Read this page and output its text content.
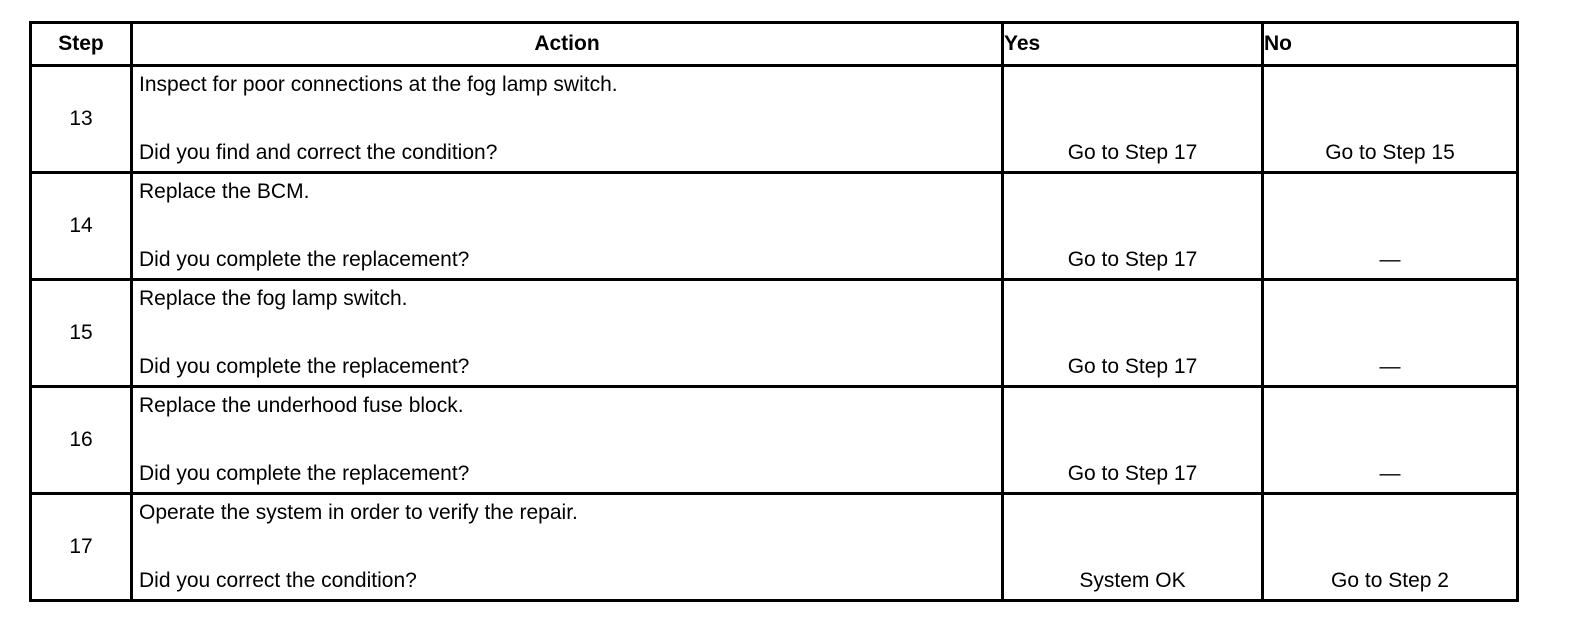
Step	Action	Yes	No
13	Inspect for poor connections at the fog lamp switch.
Did you find and correct the condition?	Go to Step 17	Go to Step 15

14	Replace the BCM.
Did you complete the replacement?	Go to Step 17	—

15	Replace the fog lamp switch.
Did you complete the replacement?	Go to Step 17	—

16	Replace the underhood fuse block.
Did you complete the replacement?	Go to Step 17	—

17	Operate the system in order to verify the repair.
Did you correct the condition?	System OK	Go to Step 2
